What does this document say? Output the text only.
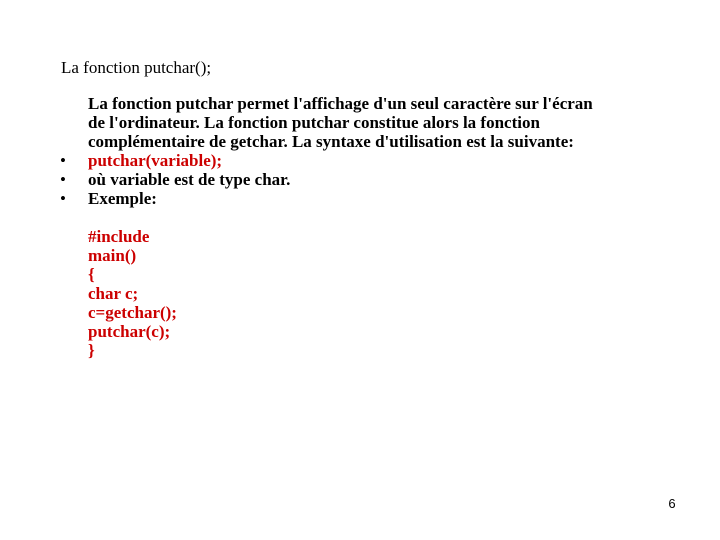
La fonction putchar();
La fonction putchar permet l'affichage d'un seul caractère sur l'écran
de l'ordinateur. La fonction putchar constitue alors la fonction
complémentaire de getchar. La syntaxe d'utilisation est la suivante:
• putchar(variable);
• où variable est de type char.
• Exemple:
#include
main()
{
char c;
c=getchar();
putchar(c);
}
6
